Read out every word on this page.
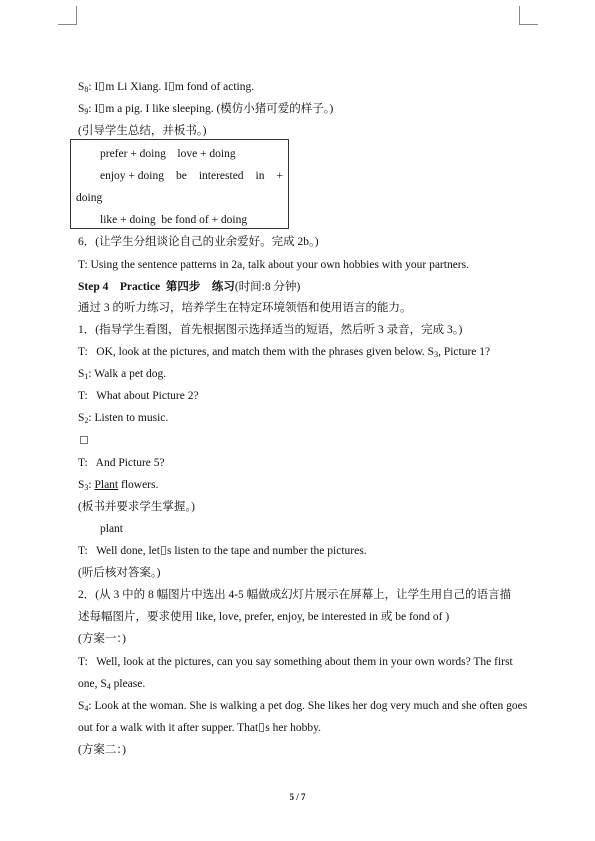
$S_8$: I m Li Xiang. I m fond of acting.
$S_9$: I m a pig. I like sleeping. (模仿小猪可爱的样子。)
(引导学生总结，并板书。)
prefer + doing    love + doing
enjoy + doing be interested in +
doing
like + doing  be fond of + doing
6．(让学生分组谈论自己的业余爱好。完成 2b。)
T: Using the sentence patterns in 2a, talk about your own hobbies with your partners.
Step 4    Practice  第四步    练习(时间:8 分钟)
通过 3 的听力练习，培养学生在特定环境领悟和使用语言的能力。
1．(指导学生看图，首先根据图示选择适当的短语，然后听 3 录音，完成 3。)
T:   OK, look at the pictures, and match them with the phrases given below. $S_3$, Picture 1?
$S_1$: Walk a pet dog.
T:   What about Picture 2?
$S_2$: Listen to music.
T:   And Picture 5?
$S_3$: Plant flowers.
(板书并要求学生掌握。)
plant
T:   Well done, let s listen to the tape and number the pictures.
(听后核对答案。)
2．(从 3 中的 8 幅图片中选出 4-5 幅做成幻灯片展示在屏幕上，让学生用自己的语言描
述每幅图片，要求使用 like, love, prefer, enjoy, be interested in 或 be fond of )
(方案一：)
T:   Well, look at the pictures, can you say something about them in your own words? The first
one, $S_4$ please.
$S_4$: Look at the woman. She is walking a pet dog. She likes her dog very much and she often goes
out for a walk with it after supper. That s her hobby.
(方案二：)
5 / 7
